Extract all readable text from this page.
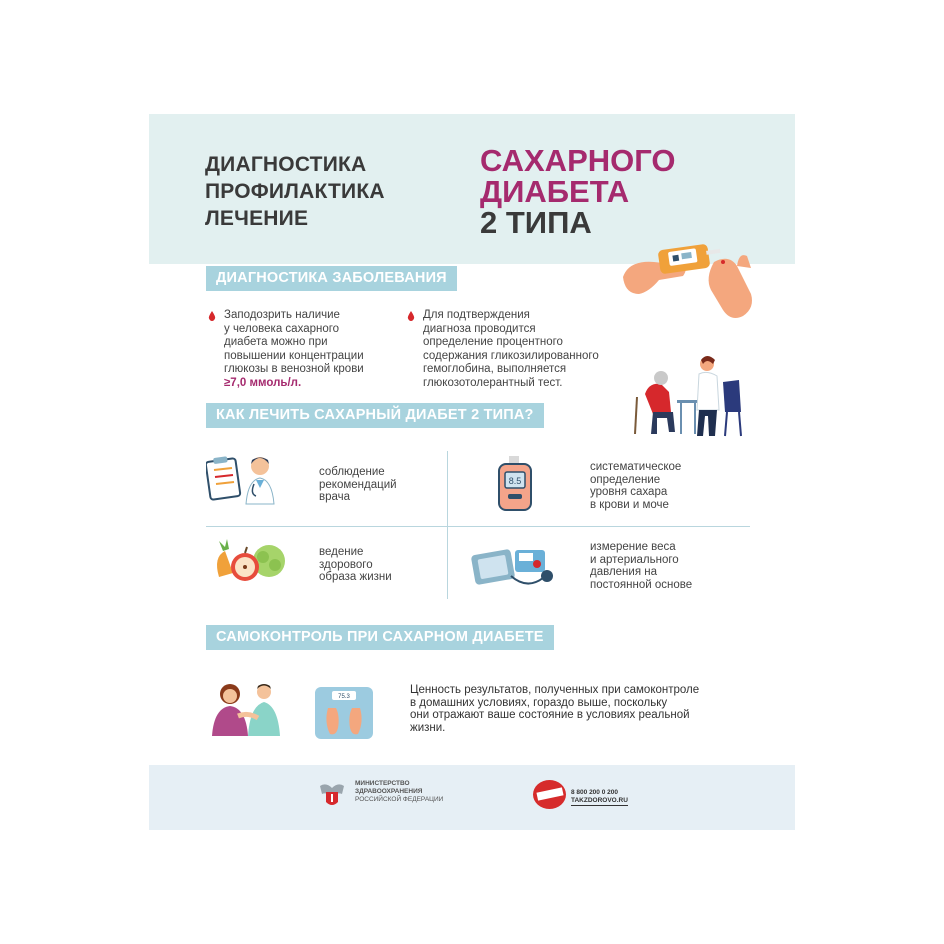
ДИАГНОСТИКА
ПРОФИЛАКТИКА
ЛЕЧЕНИЕ
САХАРНОГО
ДИАБЕТА
2 ТИПА
ДИАГНОСТИКА ЗАБОЛЕВАНИЯ
Заподозрить наличие
у человека сахарного
диабета можно при
повышении концентрации
глюкозы в венозной крови
≥7,0 ммоль/л.
Для подтверждения
диагноза проводится
определение процентного
содержания гликозилированного
гемоглобина, выполняется
глюкозотолерантный тест.
КАК ЛЕЧИТЬ САХАРНЫЙ ДИАБЕТ 2 ТИПА?
соблюдение
рекомендаций
врача
8.5
систематическое
определение
уровня сахара
в крови и моче
ведение
здорового
образа жизни
измерение веса
и артериального
давления на
постоянной основе
САМОКОНТРОЛЬ ПРИ САХАРНОМ ДИАБЕТЕ
75.3
Ценность результатов, полученных при самоконтроле
в домашних условиях, гораздо выше, поскольку
они отражают ваше состояние в условиях реальной
жизни.
МИНИСТЕРСТВО
ЗДРАВООХРАНЕНИЯ
РОССИЙСКОЙ ФЕДЕРАЦИИ
8 800 200 0 200
TAKZDOROVO.RU
